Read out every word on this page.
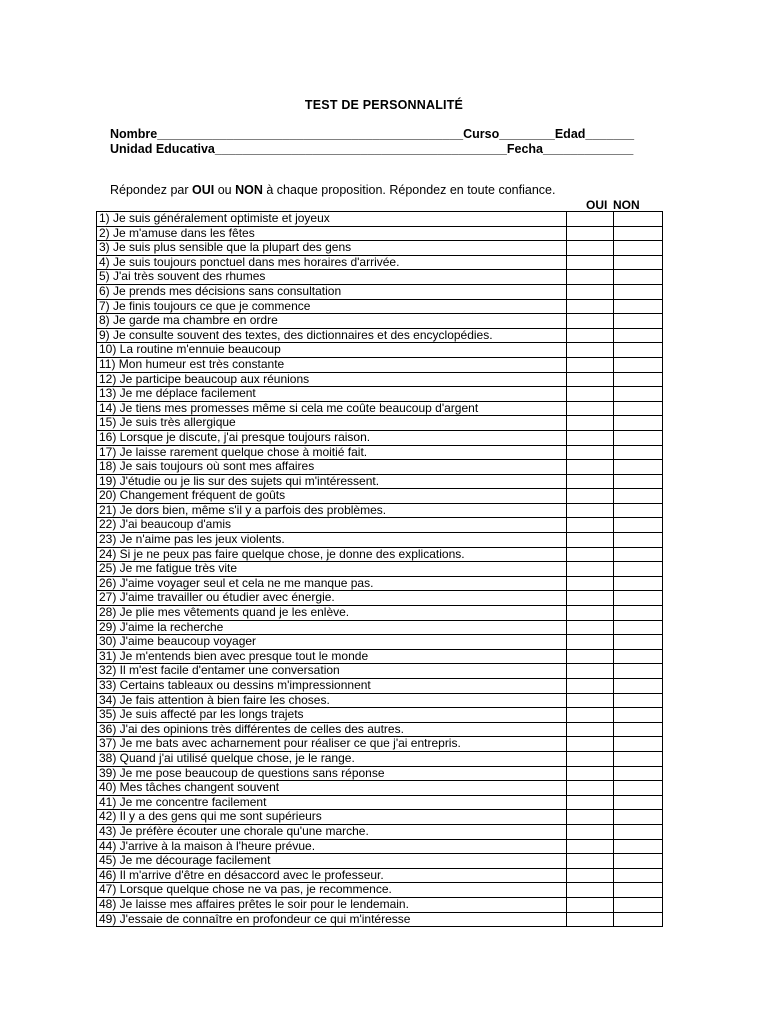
TEST DE PERSONNALITÉ
Nombre____________________________________________Curso________Edad_______
Unidad Educativa__________________________________________Fecha_____________
Répondez par OUI ou NON à chaque proposition. Répondez en toute confiance.
OUI NON
1) Je suis généralement optimiste et joyeux		
2) Je m'amuse dans les fêtes		
3) Je suis plus sensible que la plupart des gens		
4) Je suis toujours ponctuel dans mes horaires d'arrivée.		
5) J'ai très souvent des rhumes		
6) Je prends mes décisions sans consultation		
7) Je finis toujours ce que je commence		
8) Je garde ma chambre en ordre		
9) Je consulte souvent des textes, des dictionnaires et des encyclopédies.		
10) La routine m'ennuie beaucoup		
11) Mon humeur est très constante		
12) Je participe beaucoup aux réunions		
13) Je me déplace facilement		
14) Je tiens mes promesses même si cela me coûte beaucoup d'argent		
15) Je suis très allergique		
16) Lorsque je discute, j'ai presque toujours raison.		
17) Je laisse rarement quelque chose à moitié fait.		
18) Je sais toujours où sont mes affaires		
19) J'étudie ou je lis sur des sujets qui m'intéressent.		
20) Changement fréquent de goûts		
21) Je dors bien, même s'il y a parfois des problèmes.		
22) J'ai beaucoup d'amis		
23) Je n'aime pas les jeux violents.		
24) Si je ne peux pas faire quelque chose, je donne des explications.		
25) Je me fatigue très vite		
26) J'aime voyager seul et cela ne me manque pas.		
27) J'aime travailler ou étudier avec énergie.		
28) Je plie mes vêtements quand je les enlève.		
29) J'aime la recherche		
30) J'aime beaucoup voyager		
31) Je m'entends bien avec presque tout le monde		
32) Il m'est facile d'entamer une conversation		
33) Certains tableaux ou dessins m'impressionnent		
34) Je fais attention à bien faire les choses.		
35) Je suis affecté par les longs trajets		
36) J'ai des opinions très différentes de celles des autres.		
37) Je me bats avec acharnement pour réaliser ce que j'ai entrepris.		
38) Quand j'ai utilisé quelque chose, je le range.		
39) Je me pose beaucoup de questions sans réponse		
40) Mes tâches changent souvent		
41) Je me concentre facilement		
42) Il y a des gens qui me sont supérieurs		
43) Je préfère écouter une chorale qu'une marche.		
44) J'arrive à la maison à l'heure prévue.		
45) Je me décourage facilement		
46) Il m'arrive d'être en désaccord avec le professeur.		
47) Lorsque quelque chose ne va pas, je recommence.		
48) Je laisse mes affaires prêtes le soir pour le lendemain.		
49) J'essaie de connaître en profondeur ce qui m'intéresse		
